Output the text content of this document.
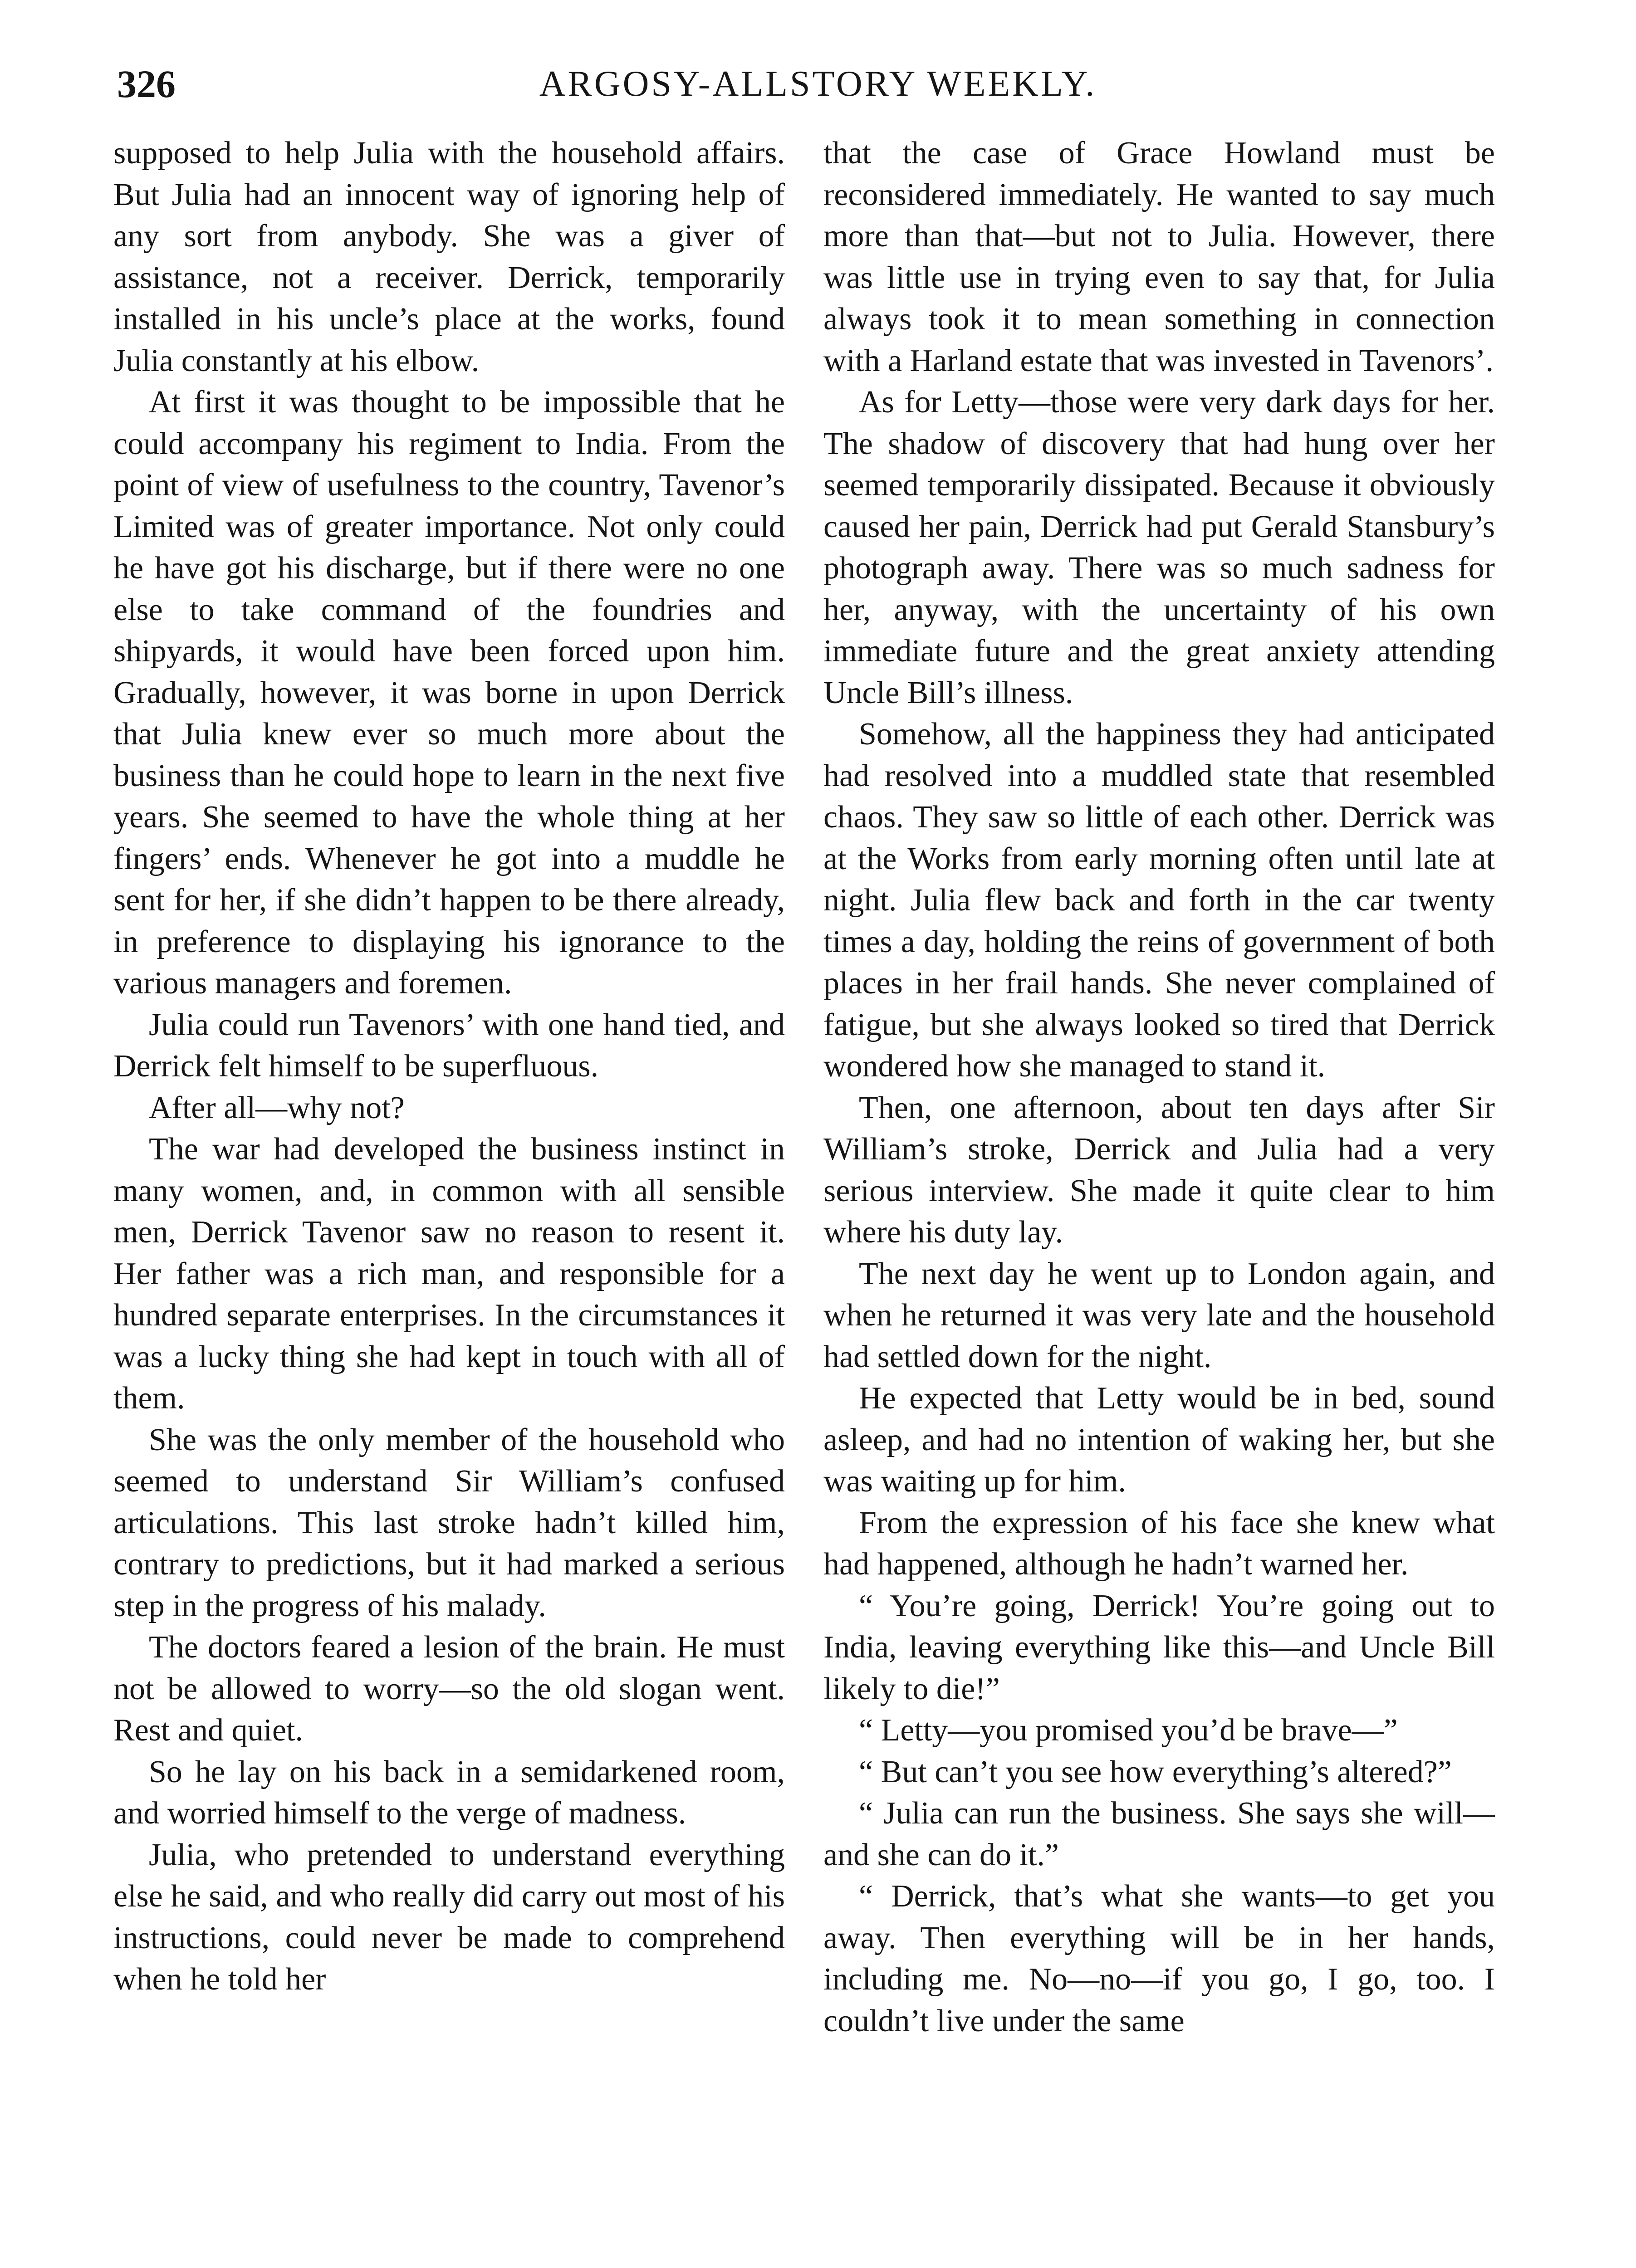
326	ARGOSY-ALLSTORY WEEKLY.

supposed to help Julia with the household affairs. But Julia had an innocent way of ignoring help of any sort from anybody. She was a giver of assistance, not a receiver. Derrick, temporarily installed in his uncle’s place at the works, found Julia constantly at his elbow.

At first it was thought to be impossible that he could accompany his regiment to India. From the point of view of usefulness to the country, Tavenor’s Limited was of greater importance. Not only could he have got his discharge, but if there were no one else to take command of the foundries and shipyards, it would have been forced upon him. Gradually, however, it was borne in upon Derrick that Julia knew ever so much more about the business than he could hope to learn in the next five years. She seemed to have the whole thing at her fingers’ ends. Whenever he got into a muddle he sent for her, if she didn’t happen to be there already, in preference to displaying his ignorance to the various managers and foremen.

Julia could run Tavenors’ with one hand tied, and Derrick felt himself to be superfluous.

After all—why not?

The war had developed the business instinct in many women, and, in common with all sensible men, Derrick Tavenor saw no reason to resent it. Her father was a rich man, and responsible for a hundred separate enterprises. In the circumstances it was a lucky thing she had kept in touch with all of them.

She was the only member of the household who seemed to understand Sir William’s confused articulations. This last stroke hadn’t killed him, contrary to predictions, but it had marked a serious step in the progress of his malady.

The doctors feared a lesion of the brain. He must not be allowed to worry—so the old slogan went. Rest and quiet.

So he lay on his back in a semidarkened room, and worried himself to the verge of madness.

Julia, who pretended to understand everything else he said, and who really did carry out most of his instructions, could never be made to comprehend when he told her

that the case of Grace Howland must be reconsidered immediately. He wanted to say much more than that—but not to Julia. However, there was little use in trying even to say that, for Julia always took it to mean something in connection with a Harland estate that was invested in Tavenors’.

As for Letty—those were very dark days for her. The shadow of discovery that had hung over her seemed temporarily dissipated. Because it obviously caused her pain, Derrick had put Gerald Stansbury’s photograph away. There was so much sadness for her, anyway, with the uncertainty of his own immediate future and the great anxiety attending Uncle Bill’s illness.

Somehow, all the happiness they had anticipated had resolved into a muddled state that resembled chaos. They saw so little of each other. Derrick was at the Works from early morning often until late at night. Julia flew back and forth in the car twenty times a day, holding the reins of government of both places in her frail hands. She never complained of fatigue, but she always looked so tired that Derrick wondered how she managed to stand it.

Then, one afternoon, about ten days after Sir William’s stroke, Derrick and Julia had a very serious interview. She made it quite clear to him where his duty lay.

The next day he went up to London again, and when he returned it was very late and the household had settled down for the night.

He expected that Letty would be in bed, sound asleep, and had no intention of waking her, but she was waiting up for him.

From the expression of his face she knew what had happened, although he hadn’t warned her.

“ You’re going, Derrick! You’re going out to India, leaving everything like this—and Uncle Bill likely to die!”

“ Letty—you promised you’d be brave—”

“ But can’t you see how everything’s altered?”

“ Julia can run the business. She says she will—and she can do it.”

“ Derrick, that’s what she wants—to get you away. Then everything will be in her hands, including me. No—no—if you go, I go, too. I couldn’t live under the same
